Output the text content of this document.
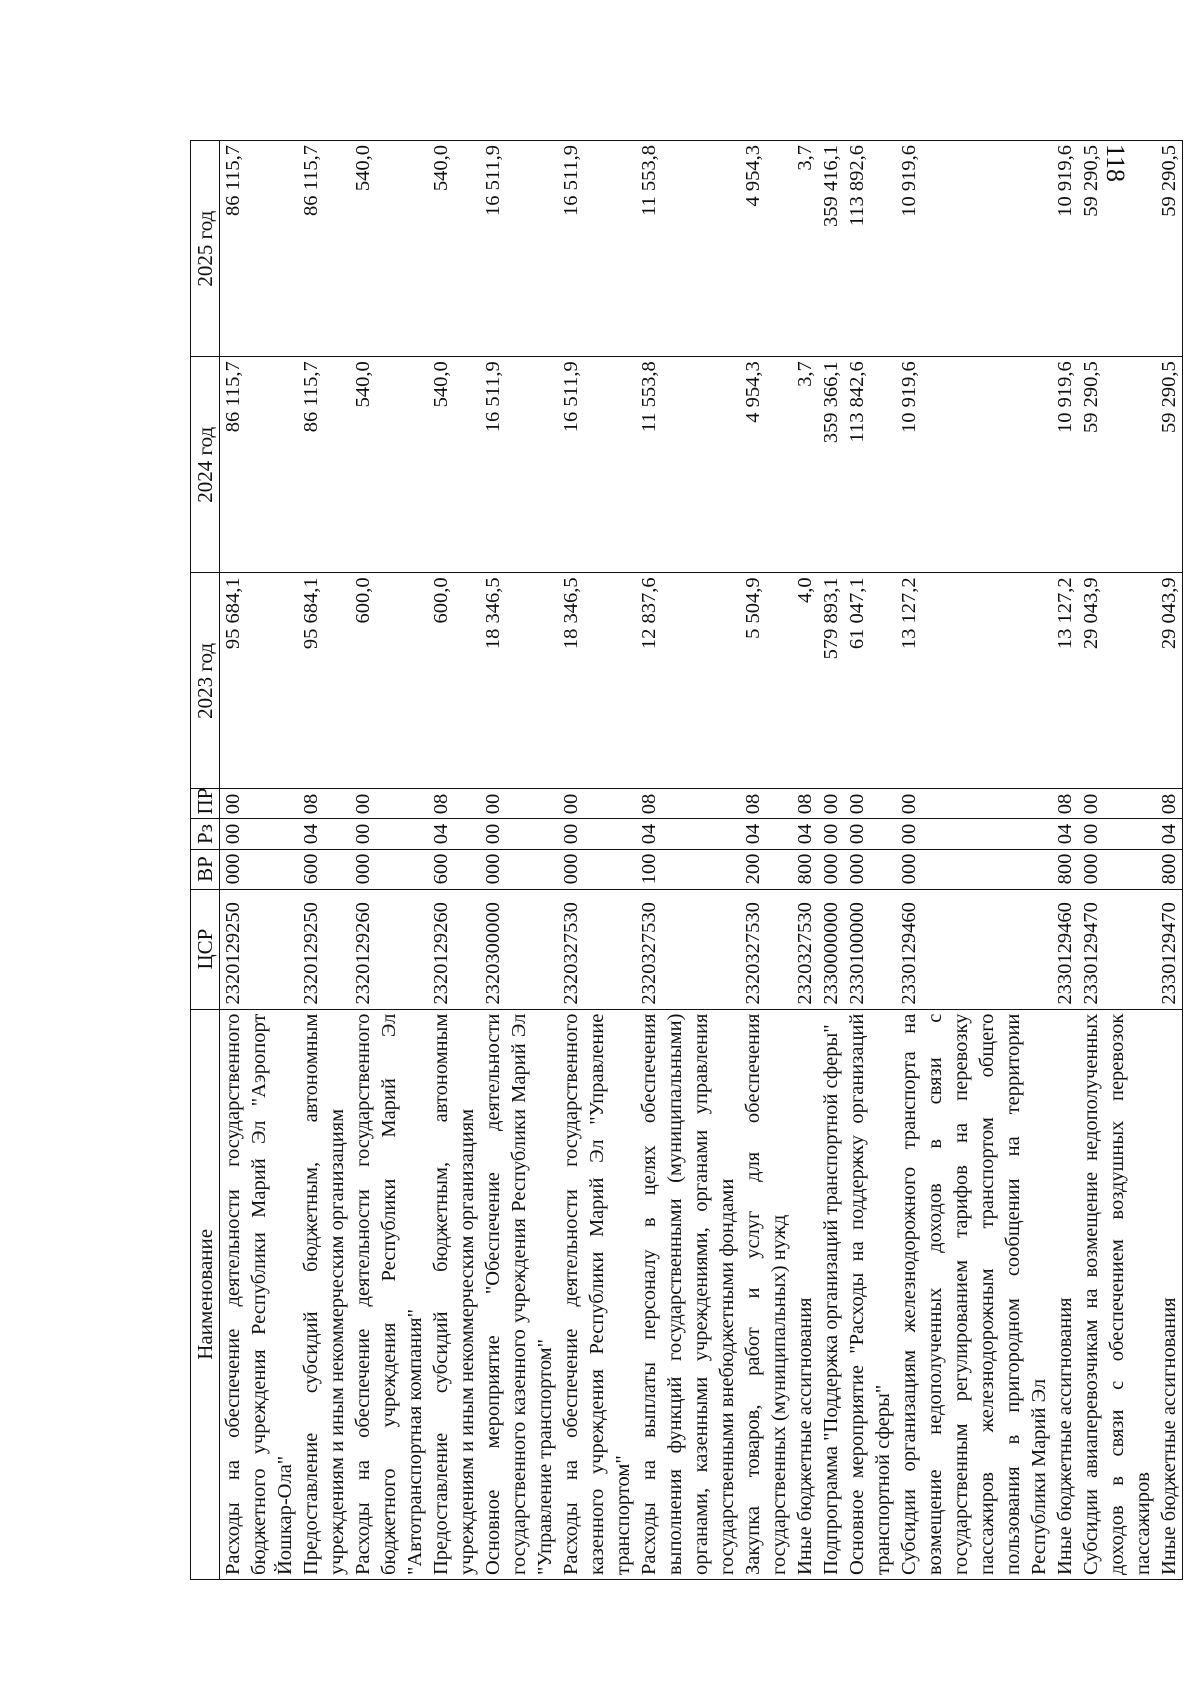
118
Наименование	ЦСР	ВР	Рз	ПР	2023 год	2024 год	2025 год
Расходы на обеспечение деятельности государственного бюджетного учреждения Республики Марий Эл "Аэропорт Йошкар-Ола"	2320129250	000	00	00	95 684,1	86 115,7	86 115,7
Предоставление субсидий бюджетным, автономным учреждениям и иным некоммерческим организациям	2320129250	600	04	08	95 684,1	86 115,7	86 115,7
Расходы на обеспечение деятельности государственного бюджетного учреждения Республики Марий Эл "Автотранспортная компания"	2320129260	000	00	00	600,0	540,0	540,0
Предоставление субсидий бюджетным, автономным учреждениям и иным некоммерческим организациям	2320129260	600	04	08	600,0	540,0	540,0
Основное мероприятие "Обеспечение деятельности государственного казенного учреждения Республики Марий Эл "Управление транспортом"	2320300000	000	00	00	18 346,5	16 511,9	16 511,9
Расходы на обеспечение деятельности государственного казенного учреждения Республики Марий Эл "Управление транспортом"	2320327530	000	00	00	18 346,5	16 511,9	16 511,9
Расходы на выплаты персоналу в целях обеспечения выполнения функций государственными (муниципальными) органами, казенными учреждениями, органами управления государственными внебюджетными фондами	2320327530	100	04	08	12 837,6	11 553,8	11 553,8
Закупка товаров, работ и услуг для обеспечения государственных (муниципальных) нужд	2320327530	200	04	08	5 504,9	4 954,3	4 954,3
Иные бюджетные ассигнования	2320327530	800	04	08	4,0	3,7	3,7
Подпрограмма "Поддержка организаций транспортной сферы"	2330000000	000	00	00	579 893,1	359 366,1	359 416,1
Основное мероприятие "Расходы на поддержку организаций транспортной сферы"	2330100000	000	00	00	61 047,1	113 842,6	113 892,6
Субсидии организациям железнодорожного транспорта на возмещение недополученных доходов в связи с государственным регулированием тарифов на перевозку пассажиров железнодорожным транспортом общего пользования в пригородном сообщении на территории Республики Марий Эл	2330129460	000	00	00	13 127,2	10 919,6	10 919,6
Иные бюджетные ассигнования	2330129460	800	04	08	13 127,2	10 919,6	10 919,6
Субсидии авиаперевозчикам на возмещение недополученных доходов в связи с обеспечением воздушных перевозок пассажиров	2330129470	000	00	00	29 043,9	59 290,5	59 290,5
Иные бюджетные ассигнования	2330129470	800	04	08	29 043,9	59 290,5	59 290,5
